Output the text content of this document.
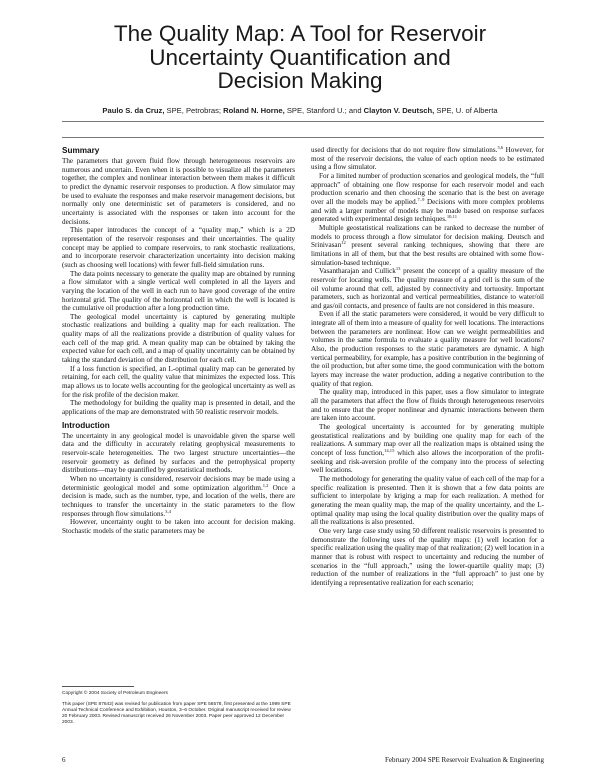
The Quality Map: A Tool for Reservoir
Uncertainty Quantification and
Decision Making
Paulo S. da Cruz, SPE, Petrobras; Roland N. Horne, SPE, Stanford U.; and Clayton V. Deutsch, SPE, U. of Alberta
Summary

The parameters that govern fluid flow through heterogeneous reservoirs are numerous and uncertain. Even when it is possible to visualize all the parameters together, the complex and nonlinear interaction between them makes it difficult to predict the dynamic reservoir responses to production. A flow simulator may be used to evaluate the responses and make reservoir management decisions, but normally only one deterministic set of parameters is considered, and no uncertainty is associated with the responses or taken into account for the decisions.

This paper introduces the concept of a “quality map,” which is a 2D representation of the reservoir responses and their uncertainties. The quality concept may be applied to compare reservoirs, to rank stochastic realizations, and to incorporate reservoir characterization uncertainty into decision making (such as choosing well locations) with fewer full-field simulation runs.

The data points necessary to generate the quality map are obtained by running a flow simulator with a single vertical well completed in all the layers and varying the location of the well in each run to have good coverage of the entire horizontal grid. The quality of the horizontal cell in which the well is located is the cumulative oil production after a long production time.

The geological model uncertainty is captured by generating multiple stochastic realizations and building a quality map for each realization. The quality maps of all the realizations provide a distribution of quality values for each cell of the map grid. A mean quality map can be obtained by taking the expected value for each cell, and a map of quality uncertainty can be obtained by taking the standard deviation of the distribution for each cell.

If a loss function is specified, an L-optimal quality map can be generated by retaining, for each cell, the quality value that minimizes the expected loss. This map allows us to locate wells accounting for the geological uncertainty as well as for the risk profile of the decision maker.

The methodology for building the quality map is presented in detail, and the applications of the map are demonstrated with 50 realistic reservoir models.

Introduction

The uncertainty in any geological model is unavoidable given the sparse well data and the difficulty in accurately relating geophysical measurements to reservoir-scale heterogeneities. The two largest structure uncertainties—the reservoir geometry as defined by surfaces and the petrophysical property distributions—may be quantified by geostatistical methods.

When no uncertainty is considered, reservoir decisions may be made using a deterministic geological model and some optimization algorithm.$^{1,2}$ Once a decision is made, such as the number, type, and location of the wells, there are techniques to transfer the uncertainty in the static parameters to the flow responses through flow simulations.$^{3,4}$

However, uncertainty ought to be taken into account for decision making. Stochastic models of the static parameters may be

Copyright © 2004 Society of Petroleum Engineers
This paper (SPE 87642) was revised for publication from paper SPE 56578, first presented at the 1999 SPE Annual Technical Conference and Exhibition, Houston, 3–6 October. Original manuscript received for review 20 February 2003. Revised manuscript received 26 November 2003. Paper peer approved 12 December 2003.

used directly for decisions that do not require flow simulations.$^{5,6}$ However, for most of the reservoir decisions, the value of each option needs to be estimated using a flow simulator.

For a limited number of production scenarios and geological models, the “full approach” of obtaining one flow response for each reservoir model and each production scenario and then choosing the scenario that is the best on average over all the models may be applied.$^{7-9}$ Decisions with more complex problems and with a larger number of models may be made based on response surfaces generated with experimental design techniques.$^{10,11}$

Multiple geostatistical realizations can be ranked to decrease the number of models to process through a flow simulator for decision making. Deutsch and Srinivasan$^{12}$ present several ranking techniques, showing that there are limitations in all of them, but that the best results are obtained with some flow-simulation-based technique.

Vasantharajan and Cullick$^{13}$ present the concept of a quality measure of the reservoir for locating wells. The quality measure of a grid cell is the sum of the oil volume around that cell, adjusted by connectivity and tortuosity. Important parameters, such as horizontal and vertical permeabilities, distance to water/oil and gas/oil contacts, and presence of faults are not considered in this measure.

Even if all the static parameters were considered, it would be very difficult to integrate all of them into a measure of quality for well locations. The interactions between the parameters are nonlinear. How can we weight permeabilities and volumes in the same formula to evaluate a quality measure for well locations? Also, the production responses to the static parameters are dynamic. A high vertical permeability, for example, has a positive contribution in the beginning of the oil production, but after some time, the good communication with the bottom layers may increase the water production, adding a negative contribution to the quality of that region.

The quality map, introduced in this paper, uses a flow simulator to integrate all the parameters that affect the flow of fluids through heterogeneous reservoirs and to ensure that the proper nonlinear and dynamic interactions between them are taken into account.

The geological uncertainty is accounted for by generating multiple geostatistical realizations and by building one quality map for each of the realizations. A summary map over all the realization maps is obtained using the concept of loss function,$^{14,15}$ which also allows the incorporation of the profit-seeking and risk-aversion profile of the company into the process of selecting well locations.

The methodology for generating the quality value of each cell of the map for a specific realization is presented. Then it is shown that a few data points are sufficient to interpolate by kriging a map for each realization. A method for generating the mean quality map, the map of the quality uncertainty, and the L-optimal quality map using the local quality distribution over the quality maps of all the realizations is also presented.

One very large case study using 50 different realistic reservoirs is presented to demonstrate the following uses of the quality maps: (1) well location for a specific realization using the quality map of that realization; (2) well location in a manner that is robust with respect to uncertainty and reducing the number of scenarios in the “full approach,” using the lower-quartile quality map; (3) reduction of the number of realizations in the “full approach” to just one by identifying a representative realization for each scenario;

6	February 2004 SPE Reservoir Evaluation & Engineering
